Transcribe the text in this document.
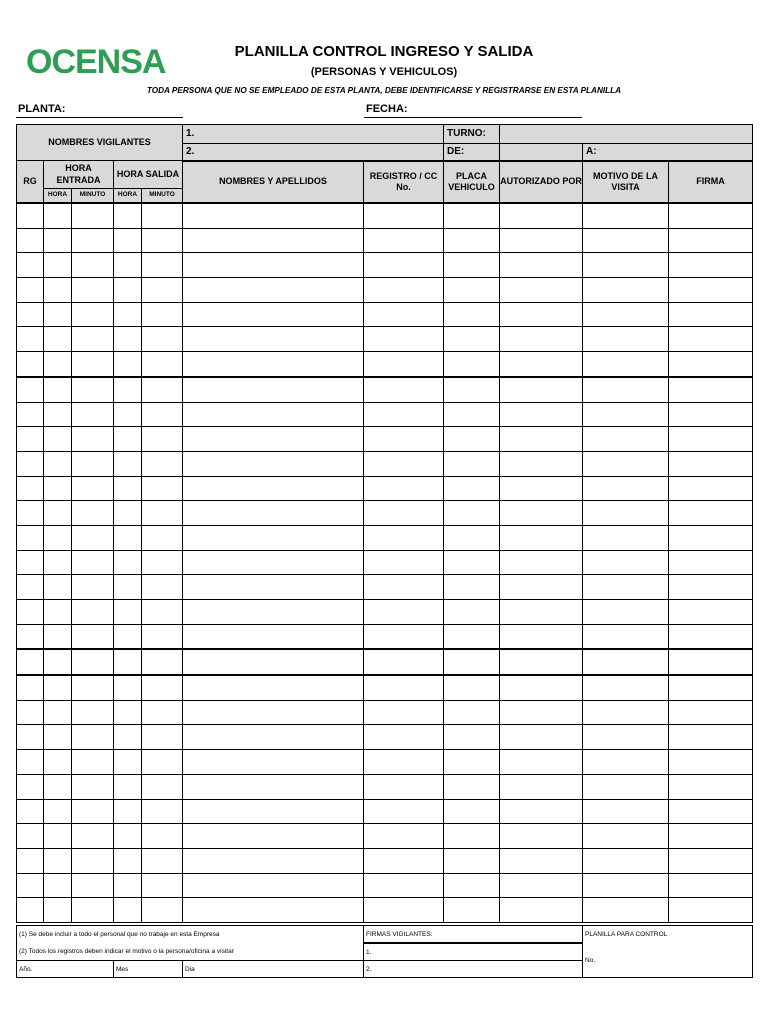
OCENSA	PLANILLA CONTROL INGRESO Y SALIDA
(PERSONAS Y VEHICULOS)
TODA PERSONA QUE NO SE EMPLEADO DE ESTA PLANTA, DEBE IDENTIFICARSE Y REGISTRARSE EN ESTA PLANILLA
PLANTA:	FECHA:
NOMBRES VIGILANTES					1.		TURNO:			
					2.		DE:		A:	
RG	HORA ENTRADA		HORA SALIDA		NOMBRES Y APELLIDOS	REGISTRO / CC No.	PLACA VEHICULO	AUTORIZADO POR	MOTIVO DE LA VISITA	FIRMA
	HORA	MINUTO	HORA	MINUTO						

(1) Se debe incluir a todo el personal que no trabaje en esta Empresa			FIRMAS VIGILANTES:	PLANILLA PARA CONTROL
(2) Todos los registros deben indicar el motivo o la persona/oficina a visitar			1.	No.
Año.	Mes	Dia	2.	
